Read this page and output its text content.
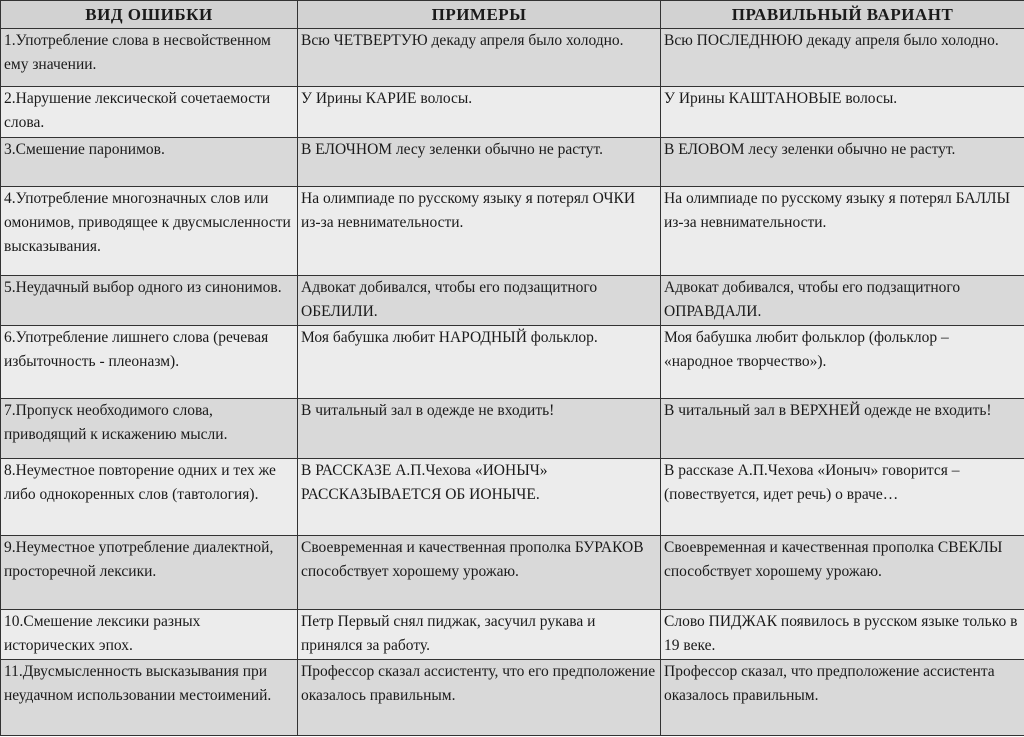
ВИД ОШИБКИ	ПРИМЕРЫ	ПРАВИЛЬНЫЙ ВАРИАНТ

1.Употребление слова в несвойственном ему значении.	Всю ЧЕТВЕРТУЮ декаду апреля было холодно.	Всю ПОСЛЕДНЮЮ декаду апреля было холодно.

2.Нарушение лексической сочетаемости слова.	У Ирины КАРИЕ волосы.	У Ирины КАШТАНОВЫЕ волосы.

3.Смешение паронимов.	В ЕЛОЧНОМ лесу зеленки обычно не растут.	В ЕЛОВОМ лесу зеленки обычно не растут.

4.Употребление многозначных слов или омонимов, приводящее к двусмысленности высказывания.	На олимпиаде по русскому языку я потерял ОЧКИ из-за невнимательности.	На олимпиаде по русскому языку я потерял БАЛЛЫ из-за невнимательности.

5.Неудачный выбор одного из синонимов.	Адвокат добивался, чтобы его подзащитного ОБЕЛИЛИ.	Адвокат добивался, чтобы его подзащитного ОПРАВДАЛИ.

6.Употребление лишнего слова (речевая избыточность - плеоназм).	Моя бабушка любит НАРОДНЫЙ фольклор.	Моя бабушка любит фольклор (фольклор – «народное творчество»).

7.Пропуск необходимого слова, приводящий к искажению мысли.	В читальный зал в одежде не входить!	В читальный зал в ВЕРХНЕЙ одежде не входить!

8.Неуместное повторение одних и тех же либо однокоренных слов (тавтология).	В РАССКАЗЕ А.П.Чехова «ИОНЫЧ» РАССКАЗЫВАЕТСЯ ОБ ИОНЫЧЕ.	В рассказе А.П.Чехова «Ионыч» говорится – (повествуется, идет речь) о враче…

9.Неуместное употребление диалектной, просторечной лексики.	Своевременная и качественная прополка БУРАКОВ способствует хорошему урожаю.	Своевременная и качественная прополка СВЕКЛЫ способствует хорошему урожаю.

10.Смешение лексики разных исторических эпох.	Петр Первый снял пиджак, засучил рукава и принялся за работу.	Слово ПИДЖАК появилось в русском языке только в 19 веке.

11.Двусмысленность высказывания при неудачном использовании местоимений.	Профессор сказал ассистенту, что его предположение оказалось правильным.	Профессор сказал, что предположение ассистента оказалось правильным.
